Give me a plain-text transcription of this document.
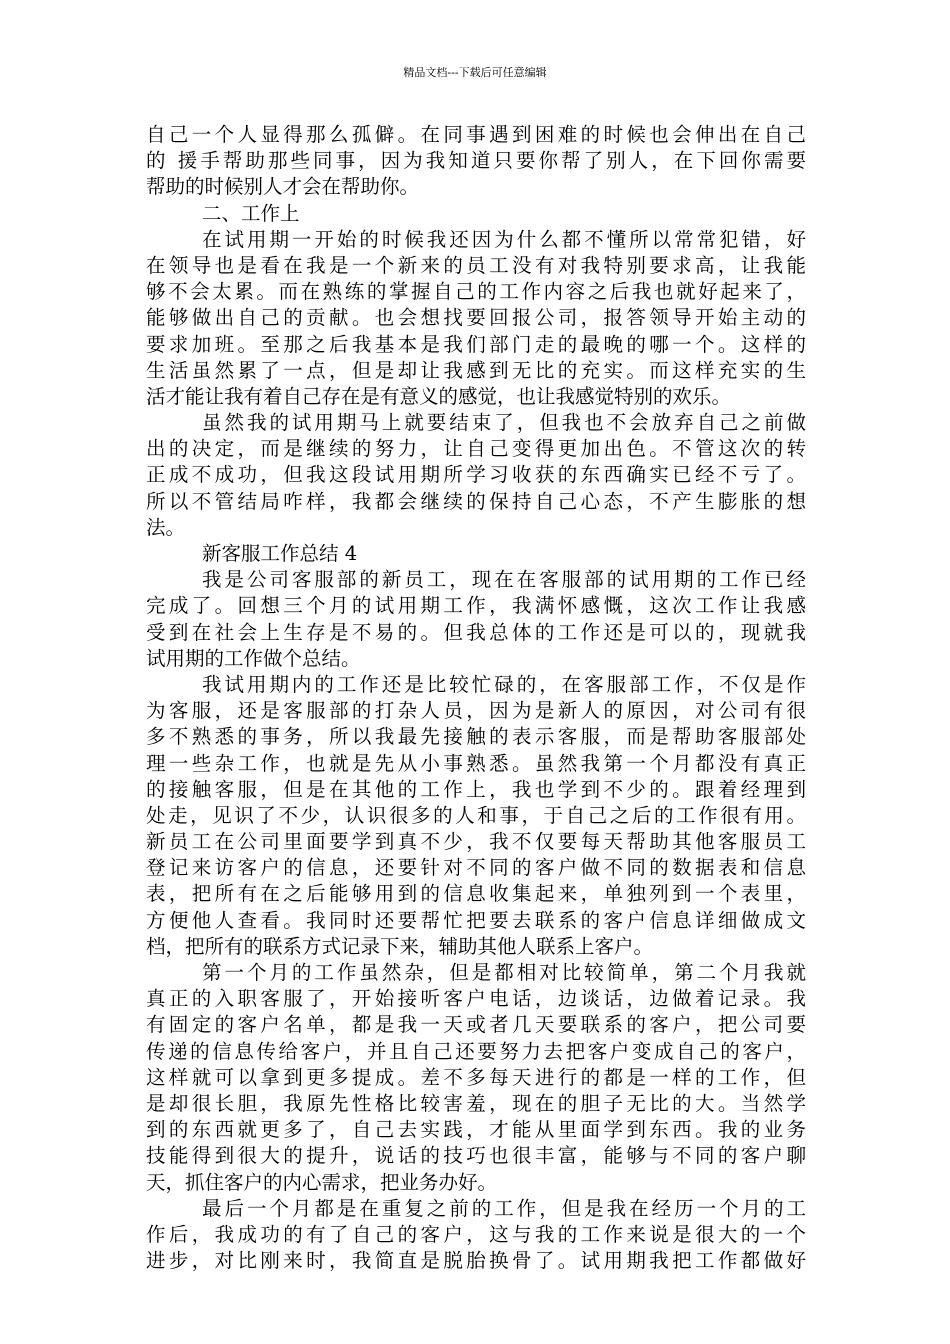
精品文档---下载后可任意编辑
自己一个人显得那么孤僻。在同事遇到困难的时候也会伸出在自己
的 援手帮助那些同事，因为我知道只要你帮了别人，在下回你需要
帮助的时候别人才会在帮助你。
二、工作上
在试用期一开始的时候我还因为什么都不懂所以常常犯错，好
在领导也是看在我是一个新来的员工没有对我特别要求高，让我能
够不会太累。而在熟练的掌握自己的工作内容之后我也就好起来了，
能够做出自己的贡献。也会想找要回报公司，报答领导开始主动的
要求加班。至那之后我基本是我们部门走的最晚的哪一个。这样的
生活虽然累了一点，但是却让我感到无比的充实。而这样充实的生
活才能让我有着自己存在是有意义的感觉，也让我感觉特别的欢乐。
虽然我的试用期马上就要结束了，但我也不会放弃自己之前做
出的决定，而是继续的努力，让自己变得更加出色。不管这次的转
正成不成功，但我这段试用期所学习收获的东西确实已经不亏了。
所以不管结局咋样，我都会继续的保持自己心态，不产生膨胀的想
法。
新客服工作总结 4
我是公司客服部的新员工，现在在客服部的试用期的工作已经
完成了。回想三个月的试用期工作，我满怀感慨，这次工作让我感
受到在社会上生存是不易的。但我总体的工作还是可以的，现就我
试用期的工作做个总结。
我试用期内的工作还是比较忙碌的，在客服部工作，不仅是作
为客服，还是客服部的打杂人员，因为是新人的原因，对公司有很
多不熟悉的事务，所以我最先接触的表示客服，而是帮助客服部处
理一些杂工作，也就是先从小事熟悉。虽然我第一个月都没有真正
的接触客服，但是在其他的工作上，我也学到不少的。跟着经理到
处走，见识了不少，认识很多的人和事，于自己之后的工作很有用。
新员工在公司里面要学到真不少，我不仅要每天帮助其他客服员工
登记来访客户的信息，还要针对不同的客户做不同的数据表和信息
表，把所有在之后能够用到的信息收集起来，单独列到一个表里，
方便他人查看。我同时还要帮忙把要去联系的客户信息详细做成文
档，把所有的联系方式记录下来，辅助其他人联系上客户。
第一个月的工作虽然杂，但是都相对比较简单，第二个月我就
真正的入职客服了，开始接听客户电话，边谈话，边做着记录。我
有固定的客户名单，都是我一天或者几天要联系的客户，把公司要
传递的信息传给客户，并且自己还要努力去把客户变成自己的客户，
这样就可以拿到更多提成。差不多每天进行的都是一样的工作，但
是却很长胆，我原先性格比较害羞，现在的胆子无比的大。当然学
到的东西就更多了，自己去实践，才能从里面学到东西。我的业务
技能得到很大的提升，说话的技巧也很丰富，能够与不同的客户聊
天，抓住客户的内心需求，把业务办好。
最后一个月都是在重复之前的工作，但是我在经历一个月的工
作后，我成功的有了自己的客户，这与我的工作来说是很大的一个
进步，对比刚来时，我简直是脱胎换骨了。试用期我把工作都做好
